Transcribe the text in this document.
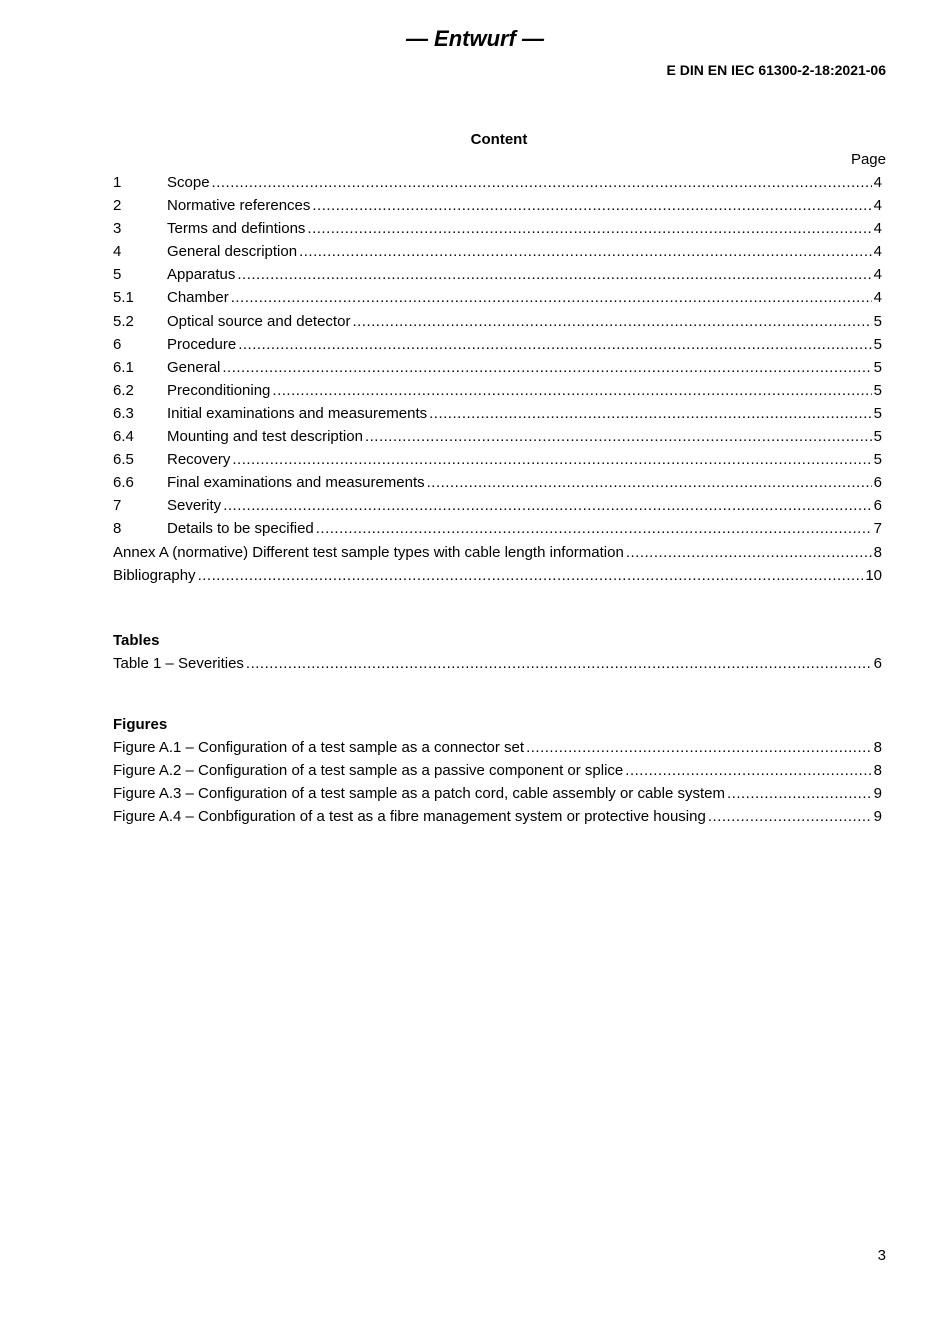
— Entwurf —
E DIN EN IEC 61300-2-18:2021-06
Content
Page
1	Scope .....	4
2	Normative references .....	4
3	Terms and defintions .....	4
4	General description .....	4
5	Apparatus .....	4
5.1	Chamber .....	4
5.2	Optical source and detector .....	5
6	Procedure .....	5
6.1	General .....	5
6.2	Preconditioning .....	5
6.3	Initial examinations and measurements .....	5
6.4	Mounting and test description .....	5
6.5	Recovery .....	5
6.6	Final examinations and measurements .....	6
7	Severity .....	6
8	Details to be specified .....	7
Annex A (normative) Different test sample types with cable length information .....	8
Bibliography .....	10
Tables
Table 1 – Severities .....	6
Figures
Figure A.1 – Configuration of a test sample as a connector set .....	8
Figure A.2 – Configuration of a test sample as a passive component or splice .....	8
Figure A.3 – Configuration of a test sample as a patch cord, cable assembly or cable system .....	9
Figure A.4 – Conbfiguration of a test as a fibre management system or protective housing .....	9
3
